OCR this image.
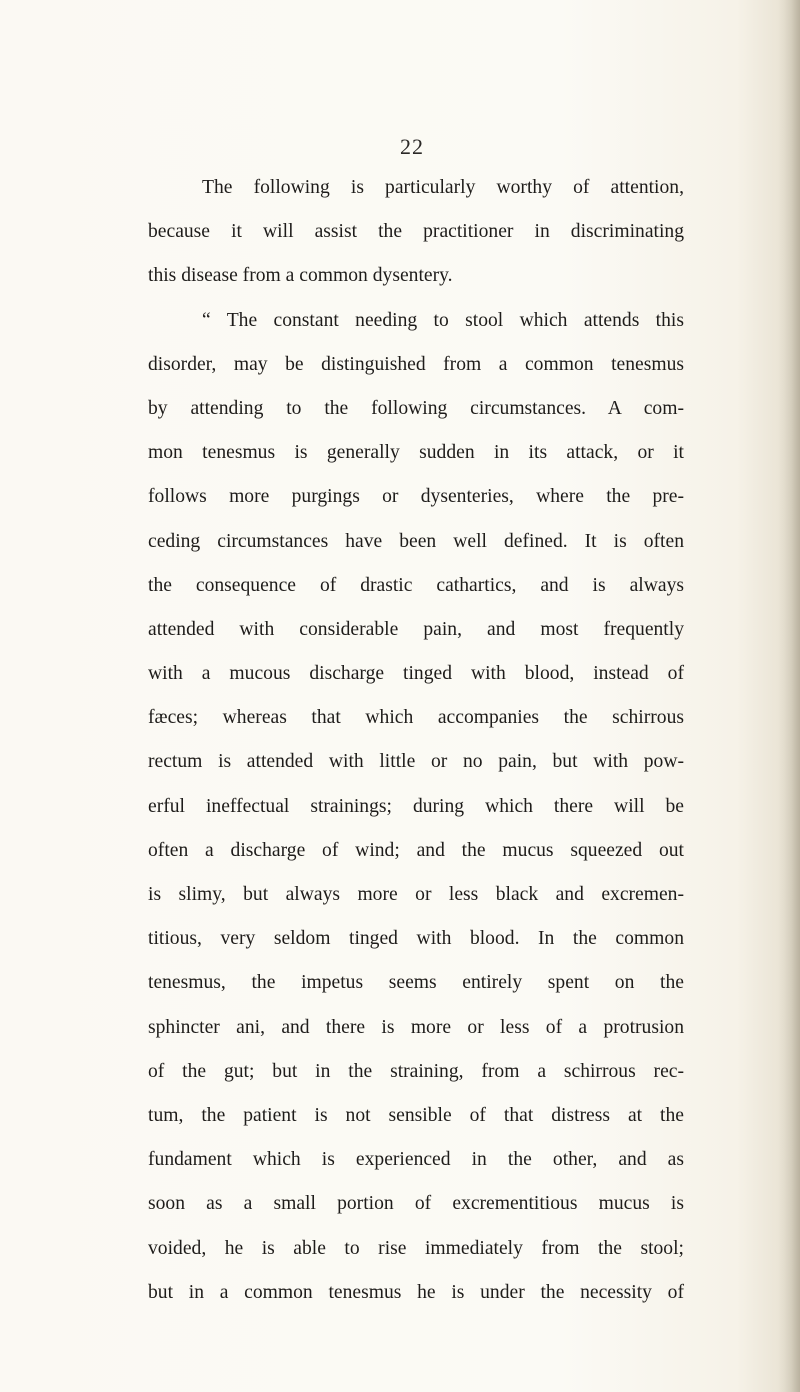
22
The following is particularly worthy of attention,
because it will assist the practitioner in discriminating
this disease from a common dysentery.
“ The constant needing to stool which attends this
disorder, may be distinguished from a common tenesmus
by attending to the following circumstances. A com-
mon tenesmus is generally sudden in its attack, or it
follows more purgings or dysenteries, where the pre-
ceding circumstances have been well defined. It is often
the consequence of drastic cathartics, and is always
attended with considerable pain, and most frequently
with a mucous discharge tinged with blood, instead of
fæces; whereas that which accompanies the schirrous
rectum is attended with little or no pain, but with pow-
erful ineffectual strainings; during which there will be
often a discharge of wind; and the mucus squeezed out
is slimy, but always more or less black and excremen-
titious, very seldom tinged with blood. In the common
tenesmus, the impetus seems entirely spent on the
sphincter ani, and there is more or less of a protrusion
of the gut; but in the straining, from a schirrous rec-
tum, the patient is not sensible of that distress at the
fundament which is experienced in the other, and as
soon as a small portion of excrementitious mucus is
voided, he is able to rise immediately from the stool;
but in a common tenesmus he is under the necessity of
